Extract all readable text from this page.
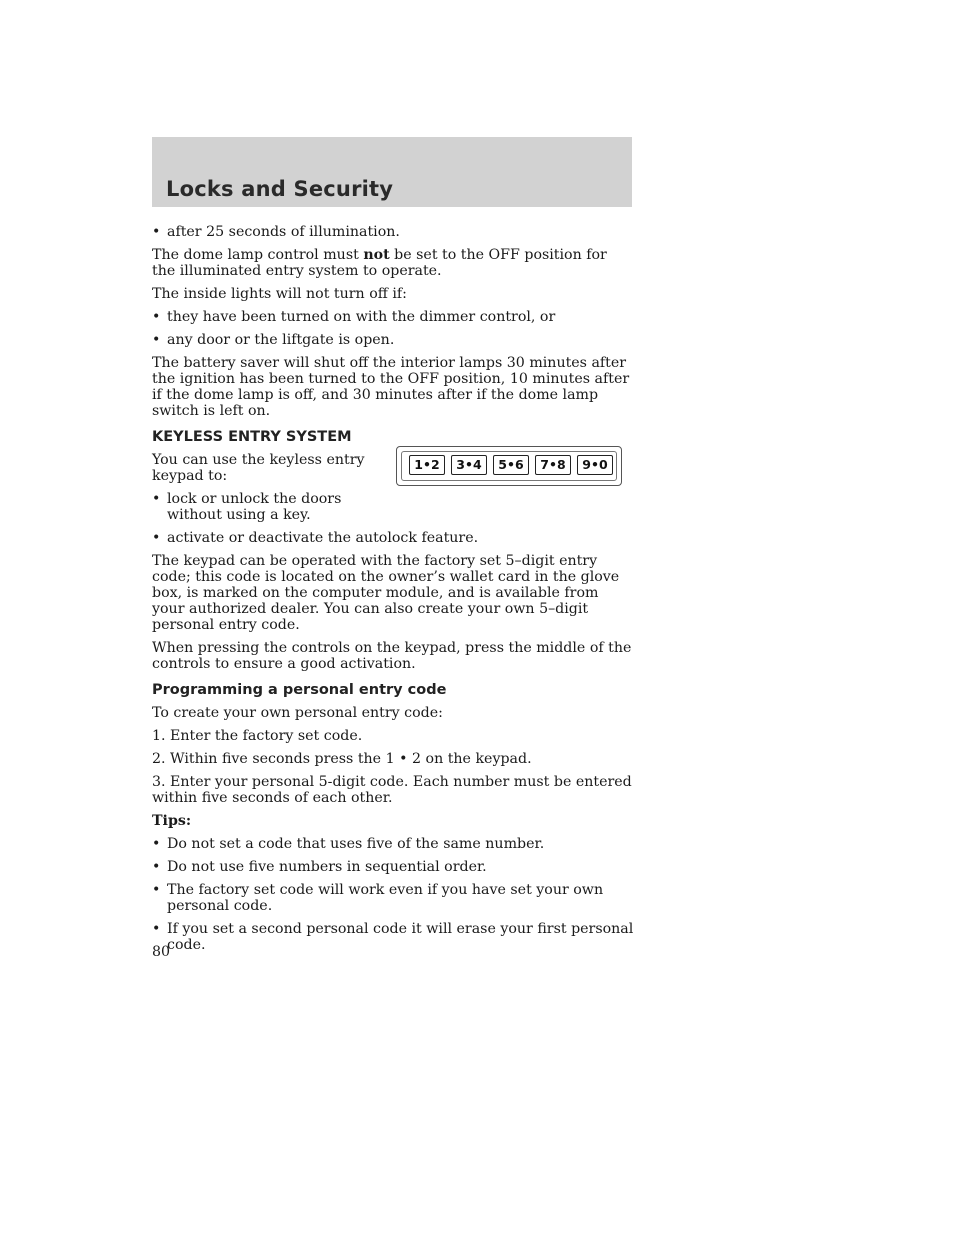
Locks and Security
• after 25 seconds of illumination.

The dome lamp control must not be set to the OFF position for the illuminated entry system to operate.

The inside lights will not turn off if:

• they have been turned on with the dimmer control, or
• any door or the liftgate is open.

The battery saver will shut off the interior lamps 30 minutes after the ignition has been turned to the OFF position, 10 minutes after if the dome lamp is off, and 30 minutes after if the dome lamp switch is left on.

KEYLESS ENTRY SYSTEM

You can use the keyless entry keypad to:

• lock or unlock the doors without using a key.
• activate or deactivate the autolock feature.

The keypad can be operated with the factory set 5–digit entry code; this code is located on the owner’s wallet card in the glove box, is marked on the computer module, and is available from your authorized dealer. You can also create your own 5–digit personal entry code.

When pressing the controls on the keypad, press the middle of the controls to ensure a good activation.

Programming a personal entry code

To create your own personal entry code:

1. Enter the factory set code.

2. Within five seconds press the 1 • 2 on the keypad.

3. Enter your personal 5-digit code. Each number must be entered within five seconds of each other.

Tips:

• Do not set a code that uses five of the same number.
• Do not use five numbers in sequential order.
• The factory set code will work even if you have set your own personal code.
• If you set a second personal code it will erase your first personal code.
1•2	3•4	5•6	7•8	9•0
80
